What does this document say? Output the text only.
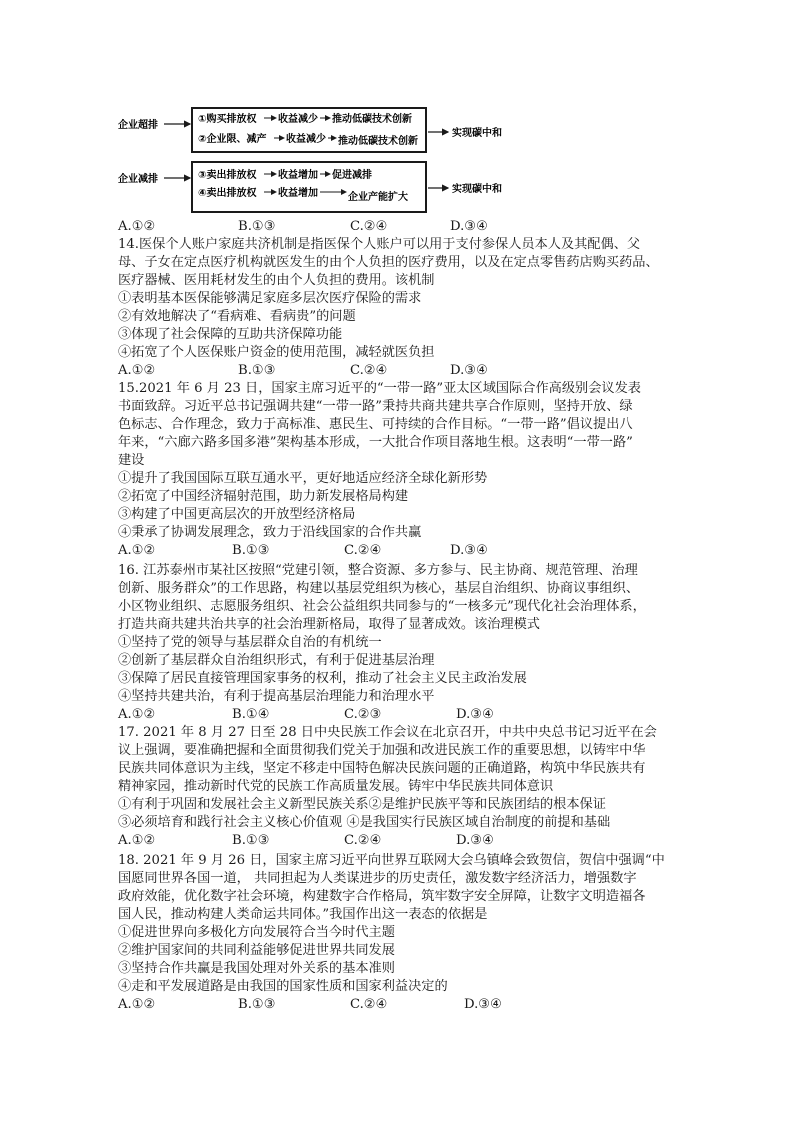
企业超排
①购买排放权 收益减少 推动低碳技术创新
②企业限、减产 收益减少 推动低碳技术创新
实现碳中和
企业减排	③卖出排放权 收益增加 促进减排
④卖出排放权 收益增加	企业产能扩大
实现碳中和
A.①②	B.①③	C.②④	D.③④
14.医保个人账户家庭共济机制是指医保个人账户可以用于支付参保人员本人及其配偶、父
母、子女在定点医疗机构就医发生的由个人负担的医疗费用，以及在定点零售药店购买药品、
医疗器械、医用耗材发生的由个人负担的费用。该机制
①表明基本医保能够满足家庭多层次医疗保险的需求
②有效地解决了“看病难、看病贵”的问题
③体现了社会保障的互助共济保障功能
④拓宽了个人医保账户资金的使用范围，减轻就医负担
A.①②	B.①③	C.②④	D.③④
15.2021 年 6 月 23 日，国家主席习近平的“一带一路”亚太区域国际合作高级别会议发表
书面致辞。习近平总书记强调共建“一带一路”秉持共商共建共享合作原则，坚持开放、绿
色标志、合作理念，致力于高标准、惠民生、可持续的合作目标。“一带一路”倡议提出八
年来，“六廊六路多国多港”架构基本形成，一大批合作项目落地生根。这表明“一带一路”
建设
①提升了我国国际互联互通水平，更好地适应经济全球化新形势
②拓宽了中国经济辐射范围，助力新发展格局构建
③构建了中国更高层次的开放型经济格局
④秉承了协调发展理念，致力于沿线国家的合作共赢
A.①②	B.①③	C.②④	D.③④
16. 江苏泰州市某社区按照“党建引领，整合资源、多方参与、民主协商、规范管理、治理
创新、服务群众”的工作思路，构建以基层党组织为核心，基层自治组织、协商议事组织、
小区物业组织、志愿服务组织、社会公益组织共同参与的“一核多元”现代化社会治理体系，
打造共商共建共治共享的社会治理新格局，取得了显著成效。该治理模式
①坚持了党的领导与基层群众自治的有机统一
②创新了基层群众自治组织形式，有利于促进基层治理
③保障了居民直接管理国家事务的权利，推动了社会主义民主政治发展
④坚持共建共治，有利于提高基层治理能力和治理水平
A.①②	B.①④	C.②③	D.③④
17. 2021 年 8 月 27 日至 28 日中央民族工作会议在北京召开，中共中央总书记习近平在会
议上强调，要准确把握和全面贯彻我们党关于加强和改进民族工作的重要思想，以铸牢中华
民族共同体意识为主线，坚定不移走中国特色解决民族问题的正确道路，构筑中华民族共有
精神家园，推动新时代党的民族工作高质量发展。铸牢中华民族共同体意识
①有利于巩固和发展社会主义新型民族关系②是维护民族平等和民族团结的根本保证
③必须培育和践行社会主义核心价值观 ④是我国实行民族区域自治制度的前提和基础
A.①②	B.①③	C.②④	D.③④
18. 2021 年 9 月 26 日，国家主席习近平向世界互联网大会乌镇峰会致贺信，贺信中强调“中
国愿同世界各国一道， 共同担起为人类谋进步的历史责任，激发数字经济活力，增强数字
政府效能，优化数字社会环境，构建数字合作格局，筑牢数字安全屏障，让数字文明造福各
国人民，推动构建人类命运共同体。”我国作出这一表态的依据是
①促进世界向多极化方向发展符合当今时代主题
②维护国家间的共同利益能够促进世界共同发展
③坚持合作共赢是我国处理对外关系的基本准则
④走和平发展道路是由我国的国家性质和国家利益决定的
A.①②	B.①③	C.②④	D.③④
